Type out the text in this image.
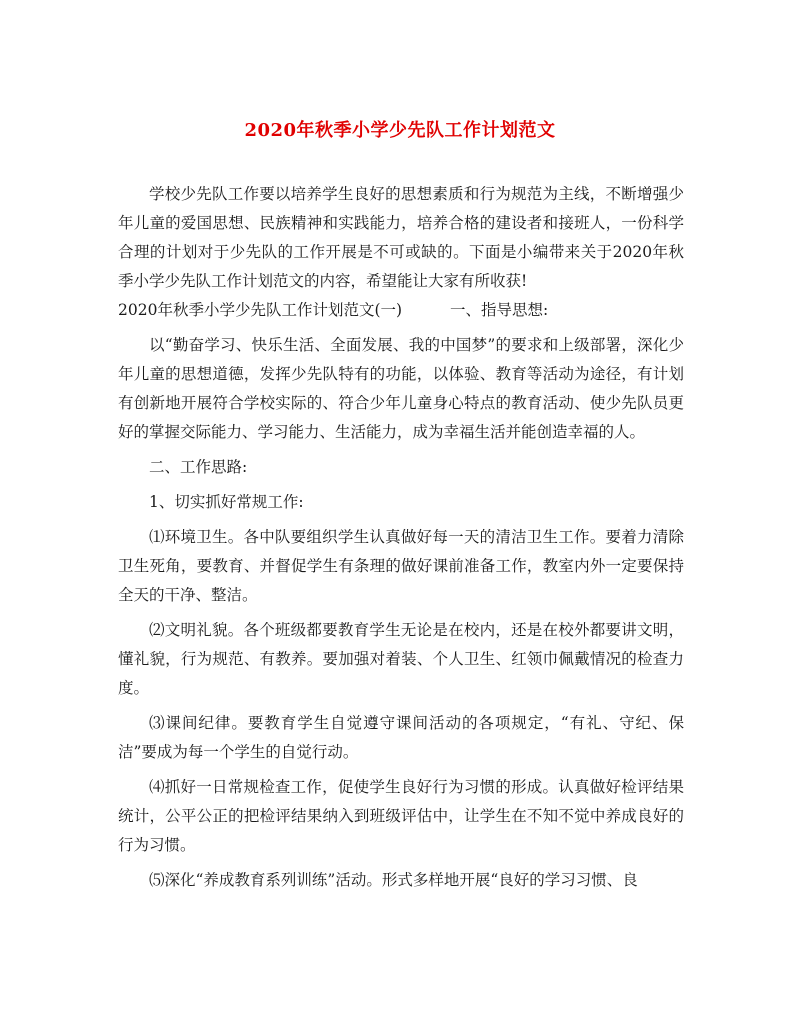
2020年秋季小学少先队工作计划范文

学校少先队工作要以培养学生良好的思想素质和行为规范为主线，不断增强少年儿童的爱国思想、民族精神和实践能力，培养合格的建设者和接班人，一份科学合理的计划对于少先队的工作开展是不可或缺的。下面是小编带来关于2020年秋季小学少先队工作计划范文的内容，希望能让大家有所收获!

2020年秋季小学少先队工作计划范文(一)	一、指导思想:

以“勤奋学习、快乐生活、全面发展、我的中国梦”的要求和上级部署，深化少年儿童的思想道德，发挥少先队特有的功能，以体验、教育等活动为途径，有计划有创新地开展符合学校实际的、符合少年儿童身心特点的教育活动、使少先队员更好的掌握交际能力、学习能力、生活能力，成为幸福生活并能创造幸福的人。

二、工作思路:

1、切实抓好常规工作:

⑴环境卫生。各中队要组织学生认真做好每一天的清洁卫生工作。要着力清除卫生死角，要教育、并督促学生有条理的做好课前准备工作，教室内外一定要保持全天的干净、整洁。

⑵文明礼貌。各个班级都要教育学生无论是在校内，还是在校外都要讲文明，懂礼貌，行为规范、有教养。要加强对着装、个人卫生、红领巾佩戴情况的检查力度。

⑶课间纪律。要教育学生自觉遵守课间活动的各项规定，“有礼、守纪、保洁”要成为每一个学生的自觉行动。

⑷抓好一日常规检查工作，促使学生良好行为习惯的形成。认真做好检评结果统计，公平公正的把检评结果纳入到班级评估中，让学生在不知不觉中养成良好的行为习惯。

⑸深化“养成教育系列训练”活动。形式多样地开展“良好的学习习惯、良
